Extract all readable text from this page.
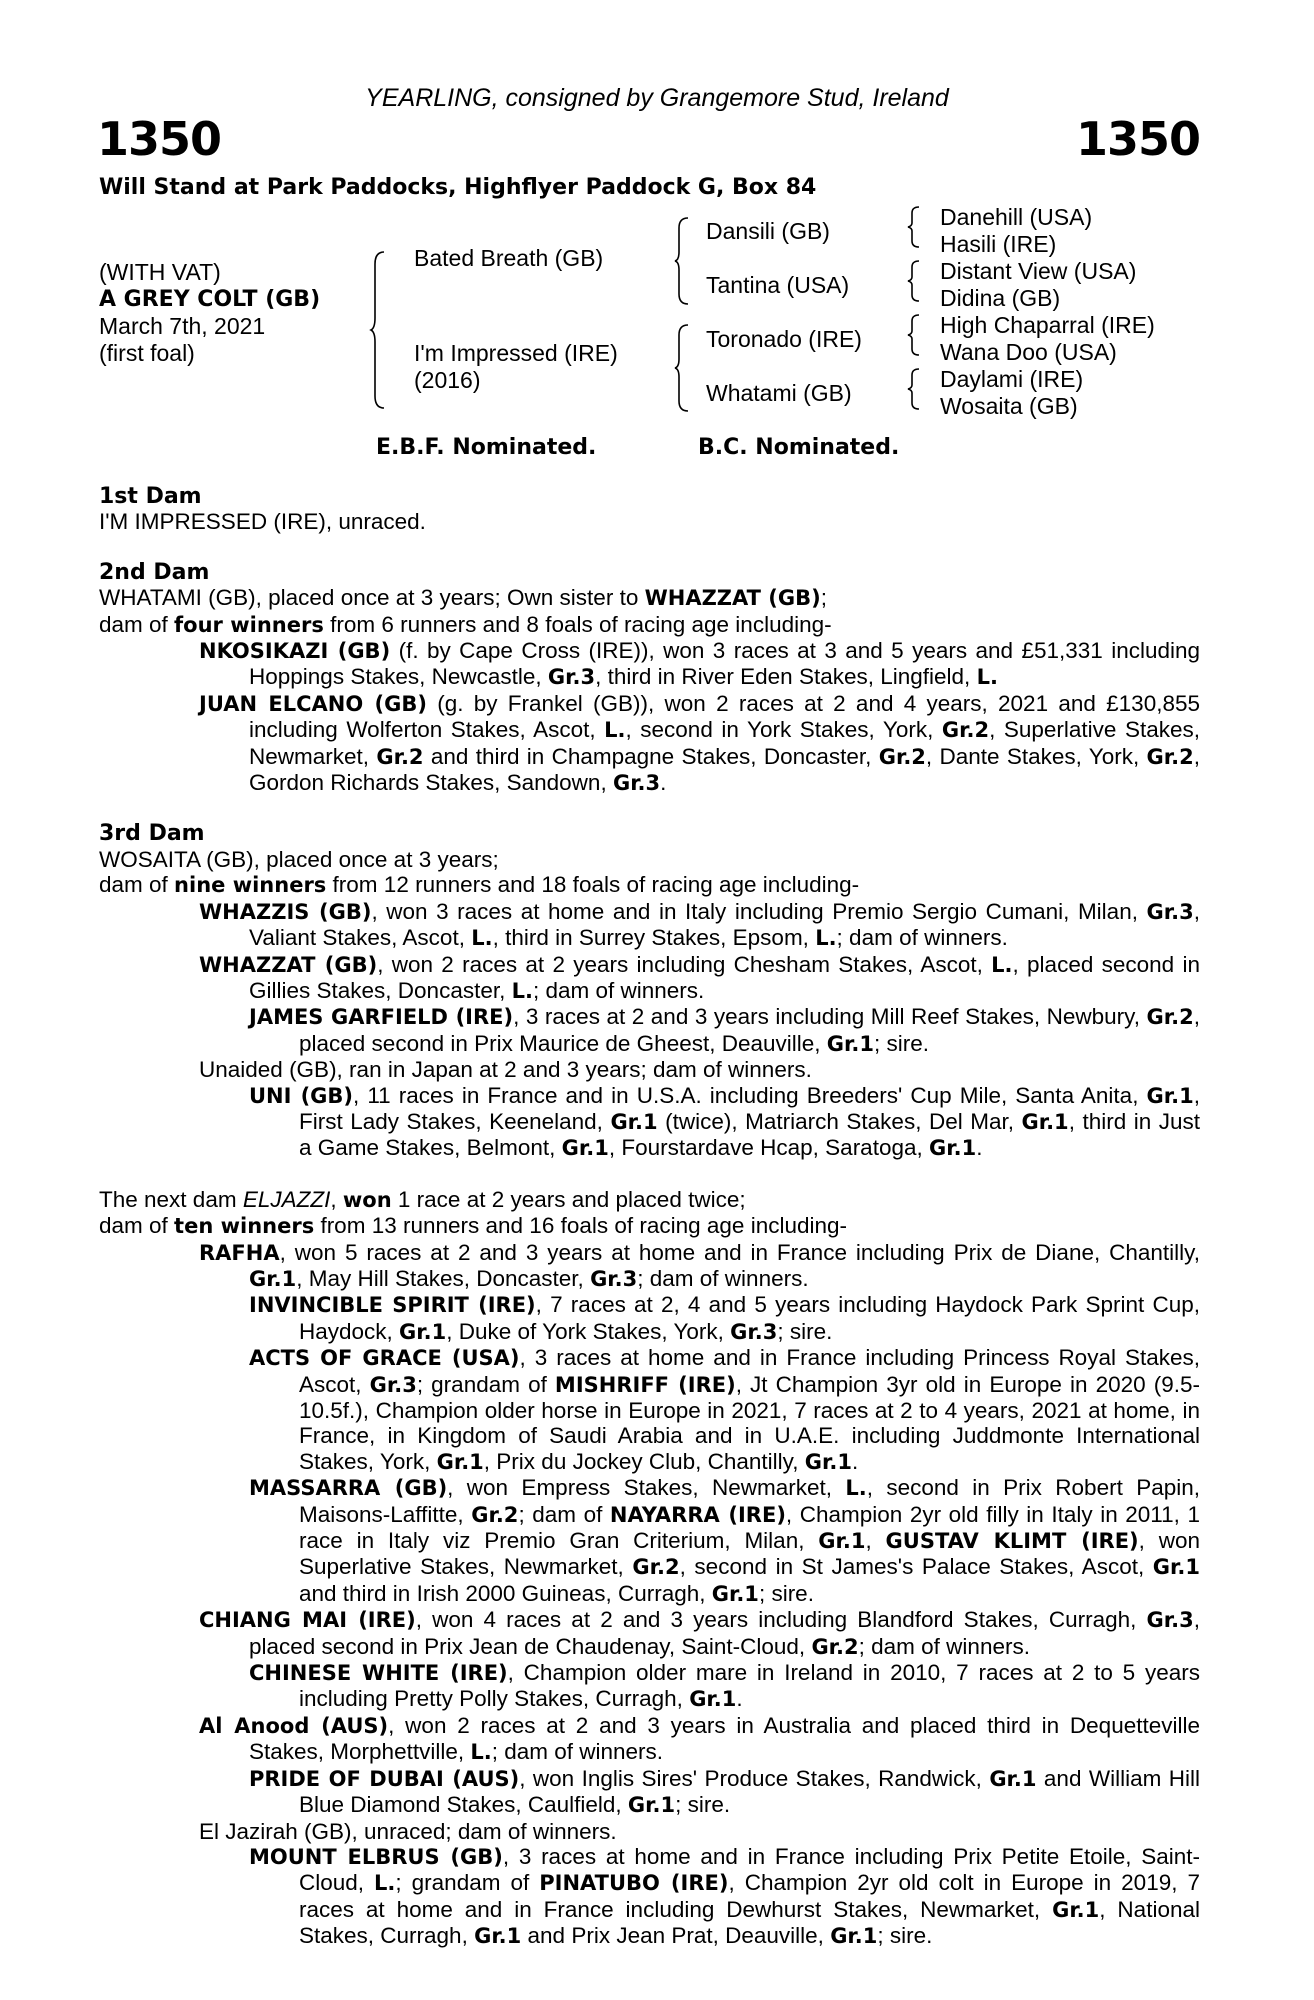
YEARLING, consigned by Grangemore Stud, Ireland
1350	1350
Will Stand at Park Paddocks, Highflyer Paddock G, Box 84
(WITH VAT)
A GREY COLT (GB)
March 7th, 2021
(first foal)
Bated Breath (GB)
I'm Impressed (IRE)
(2016)
Dansili (GB)
Tantina (USA)
Toronado (IRE)
Whatami (GB)
Danehill (USA)
Hasili (IRE)
Distant View (USA)
Didina (GB)
High Chaparral (IRE)
Wana Doo (USA)
Daylami (IRE)
Wosaita (GB)
E.B.F. Nominated.	B.C. Nominated.

1st Dam

I'M IMPRESSED (IRE), unraced.

2nd Dam

WHATAMI (GB), placed once at 3 years; Own sister to WHAZZAT (GB);

dam of four winners from 6 runners and 8 foals of racing age including-

NKOSIKAZI (GB) (f. by Cape Cross (IRE)), won 3 races at 3 and 5 years and £51,331 including Hoppings Stakes, Newcastle, Gr.3, third in River Eden Stakes, Lingfield, L.

JUAN ELCANO (GB) (g. by Frankel (GB)), won 2 races at 2 and 4 years, 2021 and £130,855 including Wolferton Stakes, Ascot, L., second in York Stakes, York, Gr.2, Superlative Stakes, Newmarket, Gr.2 and third in Champagne Stakes, Doncaster, Gr.2, Dante Stakes, York, Gr.2, Gordon Richards Stakes, Sandown, Gr.3.

3rd Dam

WOSAITA (GB), placed once at 3 years;

dam of nine winners from 12 runners and 18 foals of racing age including-

WHAZZIS (GB), won 3 races at home and in Italy including Premio Sergio Cumani, Milan, Gr.3, Valiant Stakes, Ascot, L., third in Surrey Stakes, Epsom, L.; dam of winners.

WHAZZAT (GB), won 2 races at 2 years including Chesham Stakes, Ascot, L., placed second in Gillies Stakes, Doncaster, L.; dam of winners.

JAMES GARFIELD (IRE), 3 races at 2 and 3 years including Mill Reef Stakes, Newbury, Gr.2, placed second in Prix Maurice de Gheest, Deauville, Gr.1; sire.

Unaided (GB), ran in Japan at 2 and 3 years; dam of winners.

UNI (GB), 11 races in France and in U.S.A. including Breeders' Cup Mile, Santa Anita, Gr.1, First Lady Stakes, Keeneland, Gr.1 (twice), Matriarch Stakes, Del Mar, Gr.1, third in Just a Game Stakes, Belmont, Gr.1, Fourstardave Hcap, Saratoga, Gr.1.

The next dam ELJAZZI, won 1 race at 2 years and placed twice;

dam of ten winners from 13 runners and 16 foals of racing age including-

RAFHA, won 5 races at 2 and 3 years at home and in France including Prix de Diane, Chantilly, Gr.1, May Hill Stakes, Doncaster, Gr.3; dam of winners.

INVINCIBLE SPIRIT (IRE), 7 races at 2, 4 and 5 years including Haydock Park Sprint Cup, Haydock, Gr.1, Duke of York Stakes, York, Gr.3; sire.

ACTS OF GRACE (USA), 3 races at home and in France including Princess Royal Stakes, Ascot, Gr.3; grandam of MISHRIFF (IRE), Jt Champion 3yr old in Europe in 2020 (9.5-10.5f.), Champion older horse in Europe in 2021, 7 races at 2 to 4 years, 2021 at home, in France, in Kingdom of Saudi Arabia and in U.A.E. including Juddmonte International Stakes, York, Gr.1, Prix du Jockey Club, Chantilly, Gr.1.

MASSARRA (GB), won Empress Stakes, Newmarket, L., second in Prix Robert Papin, Maisons-Laffitte, Gr.2; dam of NAYARRA (IRE), Champion 2yr old filly in Italy in 2011, 1 race in Italy viz Premio Gran Criterium, Milan, Gr.1, GUSTAV KLIMT (IRE), won Superlative Stakes, Newmarket, Gr.2, second in St James's Palace Stakes, Ascot, Gr.1 and third in Irish 2000 Guineas, Curragh, Gr.1; sire.

CHIANG MAI (IRE), won 4 races at 2 and 3 years including Blandford Stakes, Curragh, Gr.3, placed second in Prix Jean de Chaudenay, Saint-Cloud, Gr.2; dam of winners.

CHINESE WHITE (IRE), Champion older mare in Ireland in 2010, 7 races at 2 to 5 years including Pretty Polly Stakes, Curragh, Gr.1.

Al Anood (AUS), won 2 races at 2 and 3 years in Australia and placed third in Dequetteville Stakes, Morphettville, L.; dam of winners.

PRIDE OF DUBAI (AUS), won Inglis Sires' Produce Stakes, Randwick, Gr.1 and William Hill Blue Diamond Stakes, Caulfield, Gr.1; sire.

El Jazirah (GB), unraced; dam of winners.

MOUNT ELBRUS (GB), 3 races at home and in France including Prix Petite Etoile, Saint-Cloud, L.; grandam of PINATUBO (IRE), Champion 2yr old colt in Europe in 2019, 7 races at home and in France including Dewhurst Stakes, Newmarket, Gr.1, National Stakes, Curragh, Gr.1 and Prix Jean Prat, Deauville, Gr.1; sire.
